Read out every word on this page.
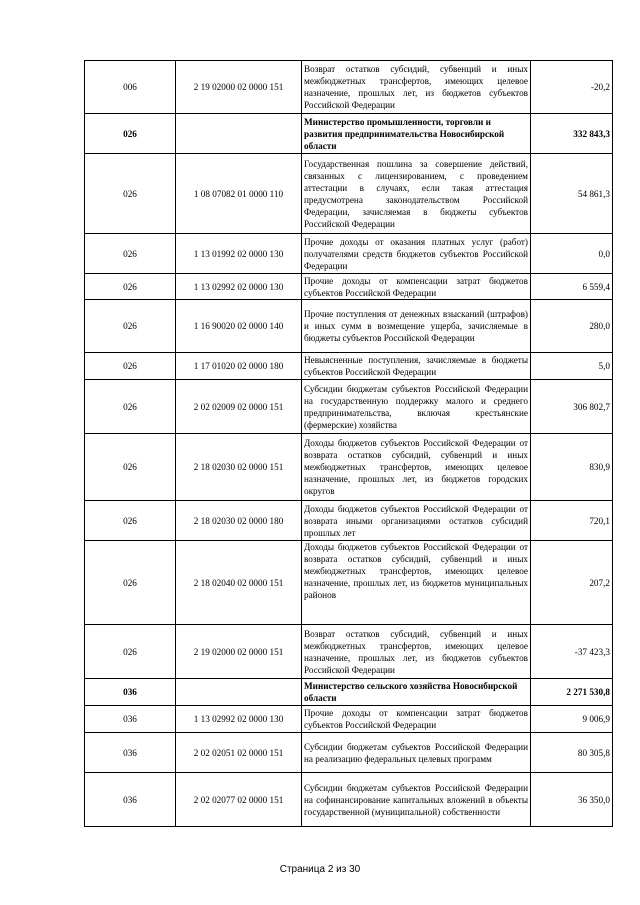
006	2 19 02000 02 0000 151	Возврат остатков субсидий, субвенций и иных межбюджетных трансфертов, имеющих целевое назначение, прошлых лет, из бюджетов субъектов Российской Федерации	-20,2
026		Министерство промышленности, торговли и развития предпринимательства Новосибирской области	332 843,3
026	1 08 07082 01 0000 110	Государственная пошлина за совершение действий, связанных с лицензированием, с проведением аттестации в случаях, если такая аттестация предусмотрена законодательством Российской Федерации, зачисляемая в бюджеты субъектов Российской Федерации	54 861,3
026	1 13 01992 02 0000 130	Прочие доходы от оказания платных услуг (работ) получателями средств бюджетов субъектов Российской Федерации	0,0
026	1 13 02992 02 0000 130	Прочие доходы от компенсации затрат бюджетов субъектов Российской Федерации	6 559,4
026	1 16 90020 02 0000 140	Прочие поступления от денежных взысканий (штрафов) и иных сумм в возмещение ущерба, зачисляемые в бюджеты субъектов Российской Федерации	280,0
026	1 17 01020 02 0000 180	Невыясненные поступления, зачисляемые в бюджеты субъектов Российской Федерации	5,0
026	2 02 02009 02 0000 151	Субсидии бюджетам субъектов Российской Федерации на государственную поддержку малого и среднего предпринимательства, включая крестьянские (фермерские) хозяйства	306 802,7
026	2 18 02030 02 0000 151	Доходы бюджетов субъектов Российской Федерации от возврата остатков субсидий, субвенций и иных межбюджетных трансфертов, имеющих целевое назначение, прошлых лет, из бюджетов городских округов	830,9
026	2 18 02030 02 0000 180	Доходы бюджетов субъектов Российской Федерации от возврата иными организациями остатков субсидий прошлых лет	720,1
026	2 18 02040 02 0000 151	Доходы бюджетов субъектов Российской Федерации от возврата остатков субсидий, субвенций и иных межбюджетных трансфертов, имеющих целевое назначение, прошлых лет, из бюджетов муниципальных районов	207,2
026	2 19 02000 02 0000 151	Возврат остатков субсидий, субвенций и иных межбюджетных трансфертов, имеющих целевое назначение, прошлых лет, из бюджетов субъектов Российской Федерации	-37 423,3
036		Министерство сельского хозяйства Новосибирской области	2 271 530,8
036	1 13 02992 02 0000 130	Прочие доходы от компенсации затрат бюджетов субъектов Российской Федерации	9 006,9
036	2 02 02051 02 0000 151	Субсидии бюджетам субъектов Российской Федерации на реализацию федеральных целевых программ	80 305,8
036	2 02 02077 02 0000 151	Субсидии бюджетам субъектов Российской Федерации на софинансирование капитальных вложений в объекты государственной (муниципальной) собственности	36 350,0
Страница 2 из 30
